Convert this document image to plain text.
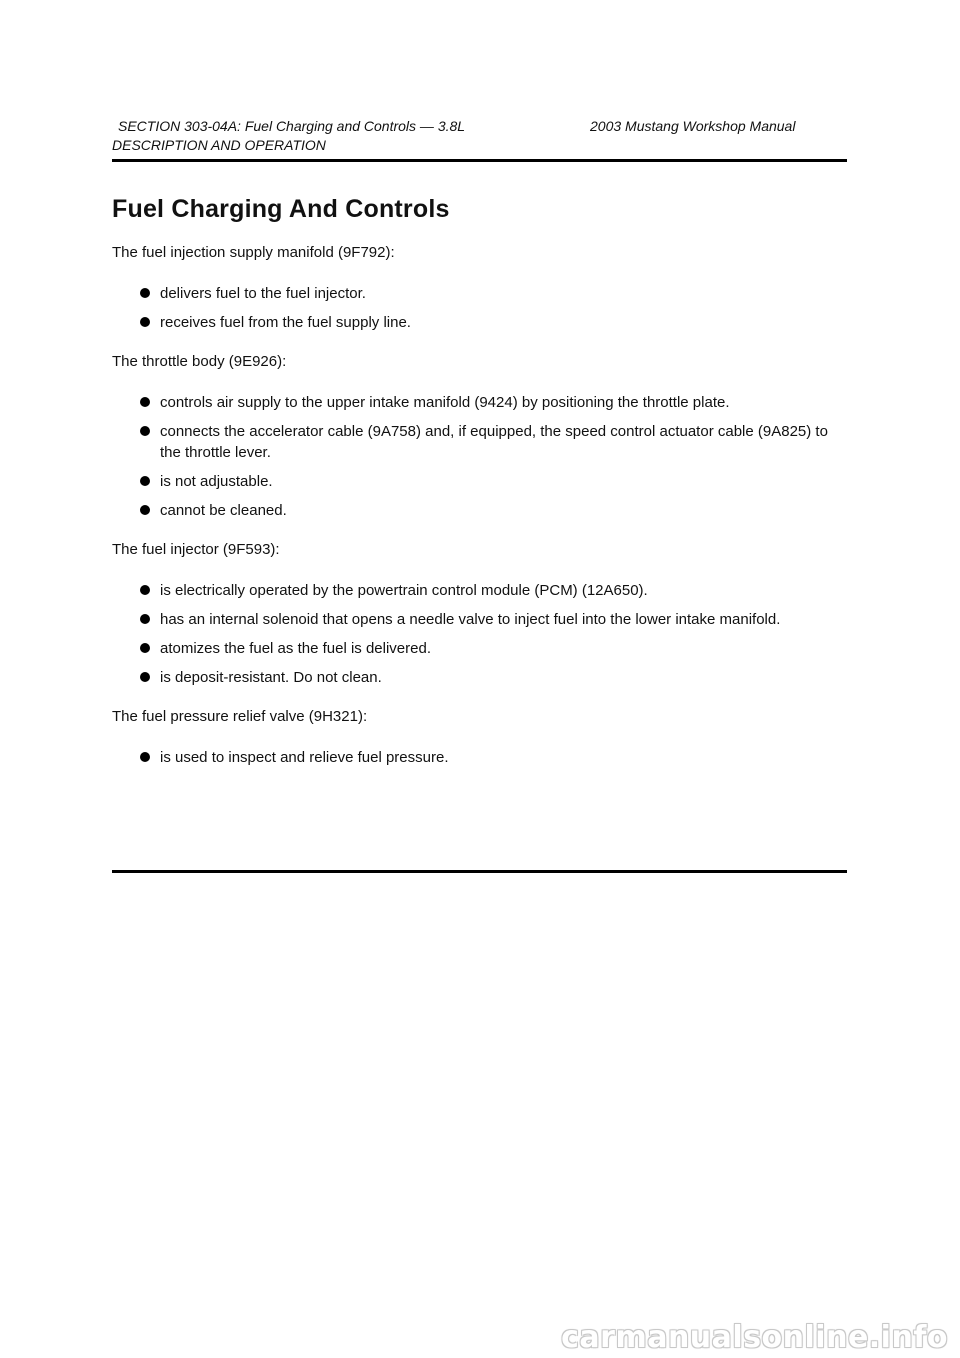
SECTION 303-04A: Fuel Charging and Controls — 3.8L	2003 Mustang Workshop Manual
DESCRIPTION AND OPERATION
Fuel Charging And Controls

The fuel injection supply manifold (9F792):

delivers fuel to the fuel injector.
receives fuel from the fuel supply line.

The throttle body (9E926):

controls air supply to the upper intake manifold (9424) by positioning the throttle plate.
connects the accelerator cable (9A758) and, if equipped, the speed control actuator cable (9A825) to the throttle lever.
is not adjustable.
cannot be cleaned.

The fuel injector (9F593):

is electrically operated by the powertrain control module (PCM) (12A650).
has an internal solenoid that opens a needle valve to inject fuel into the lower intake manifold.
atomizes the fuel as the fuel is delivered.
is deposit-resistant. Do not clean.

The fuel pressure relief valve (9H321):

is used to inspect and relieve fuel pressure.
carmanualsonline.info
